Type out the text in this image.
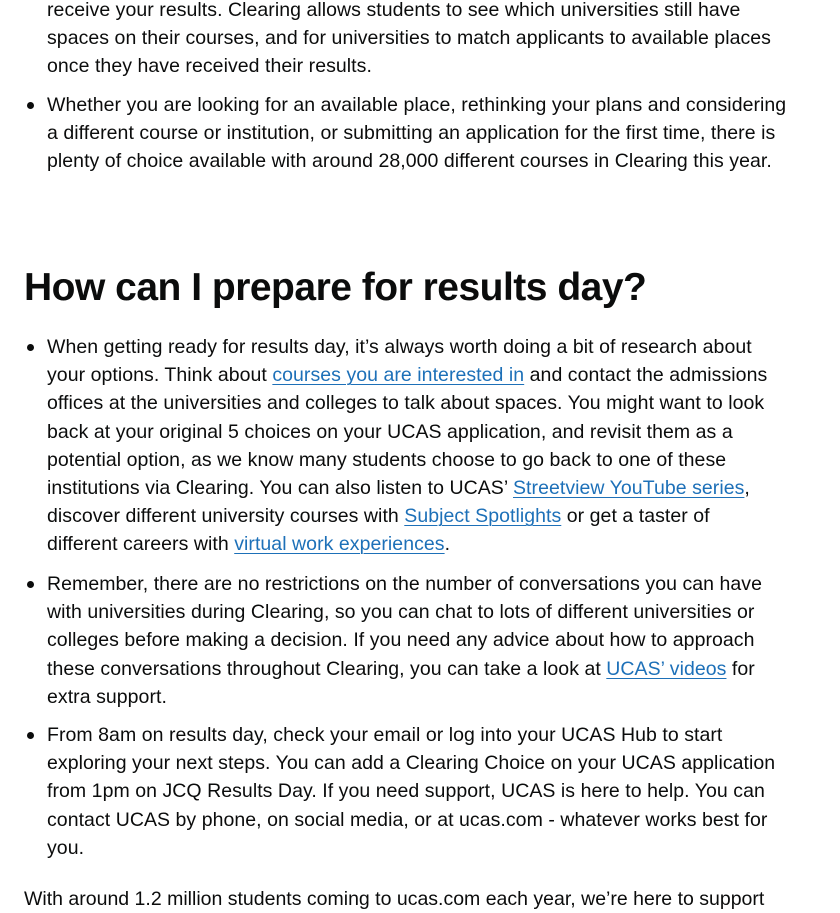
receive your results. Clearing allows students to see which universities still have
spaces on their courses, and for universities to match applicants to available places
once they have received their results.
Whether you are looking for an available place, rethinking your plans and considering
a different course or institution, or submitting an application for the first time, there is
plenty of choice available with around 28,000 different courses in Clearing this year.
How can I prepare for results day?
When getting ready for results day, it’s always worth doing a bit of research about
your options. Think about courses you are interested in and contact the admissions
offices at the universities and colleges to talk about spaces. You might want to look
back at your original 5 choices on your UCAS application, and revisit them as a
potential option, as we know many students choose to go back to one of these
institutions via Clearing. You can also listen to UCAS’ Streetview YouTube series,
discover different university courses with Subject Spotlights or get a taster of
different careers with virtual work experiences.
Remember, there are no restrictions on the number of conversations you can have
with universities during Clearing, so you can chat to lots of different universities or
colleges before making a decision. If you need any advice about how to approach
these conversations throughout Clearing, you can take a look at UCAS’ videos for
extra support.
From 8am on results day, check your email or log into your UCAS Hub to start
exploring your next steps. You can add a Clearing Choice on your UCAS application
from 1pm on JCQ Results Day. If you need support, UCAS is here to help. You can
contact UCAS by phone, on social media, or at ucas.com - whatever works best for
you.

With around 1.2 million students coming to ucas.com each year, we’re here to support
